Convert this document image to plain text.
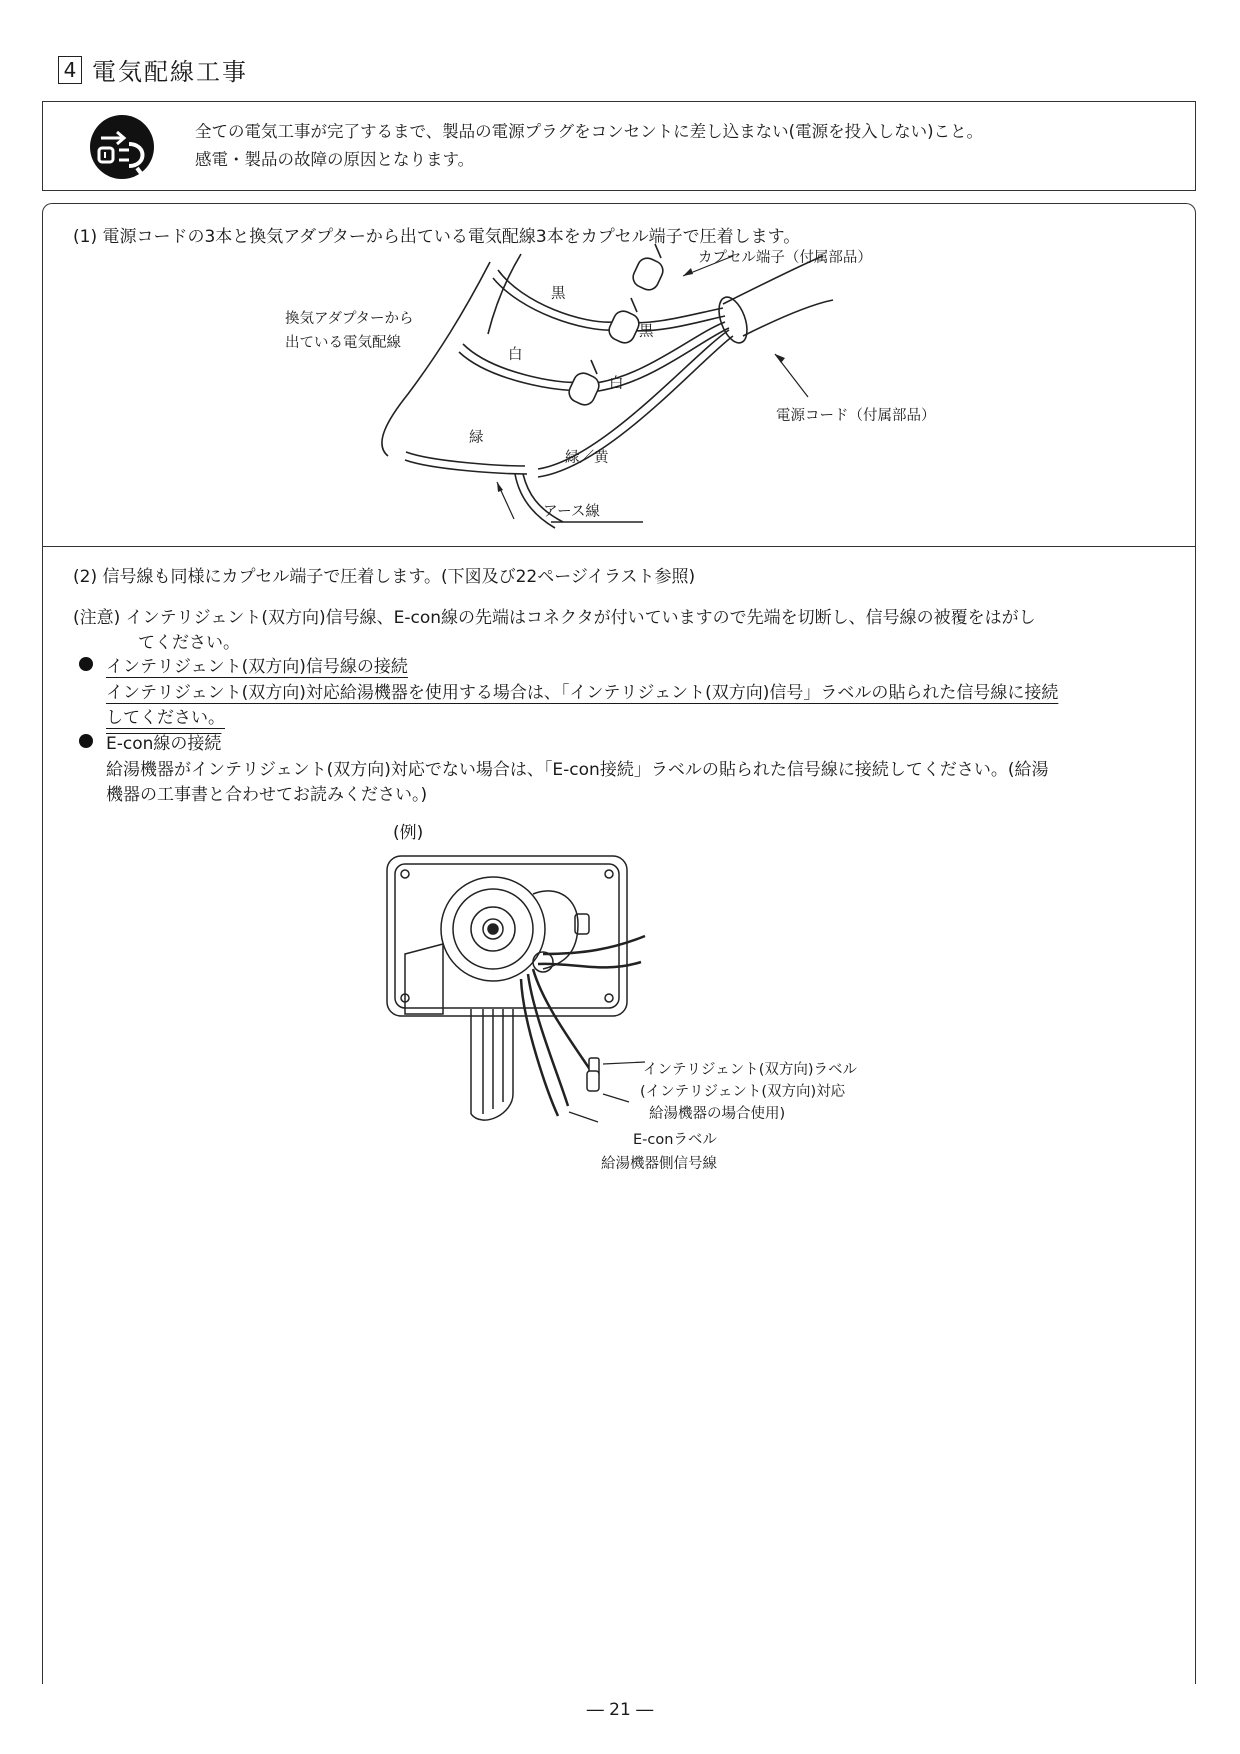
4 電気配線工事
全ての電気工事が完了するまで、製品の電源プラグをコンセントに差し込まない(電源を投入しない)こと。
感電・製品の故障の原因となります。
(1) 電源コードの3本と換気アダプターから出ている電気配線3本をカプセル端子で圧着します。
カプセル端子（付属部品）
換気アダプターから
出ている電気配線
黒
黒
白
白
緑
緑／黄
電源コード（付属部品）
アース線
(2) 信号線も同様にカプセル端子で圧着します。(下図及び22ページイラスト参照)
(注意) インテリジェント(双方向)信号線、E-con線の先端はコネクタが付いていますので先端を切断し、信号線の被覆をはがし
てください。
インテリジェント(双方向)信号線の接続
インテリジェント(双方向)対応給湯機器を使用する場合は、「インテリジェント(双方向)信号」ラベルの貼られた信号線に接続
してください。
E-con線の接続
給湯機器がインテリジェント(双方向)対応でない場合は、「E-con接続」ラベルの貼られた信号線に接続してください。(給湯
機器の工事書と合わせてお読みください。)
(例)
インテリジェント(双方向)ラベル
(インテリジェント(双方向)対応
給湯機器の場合使用)
E-conラベル
給湯機器側信号線
― 21 ―
